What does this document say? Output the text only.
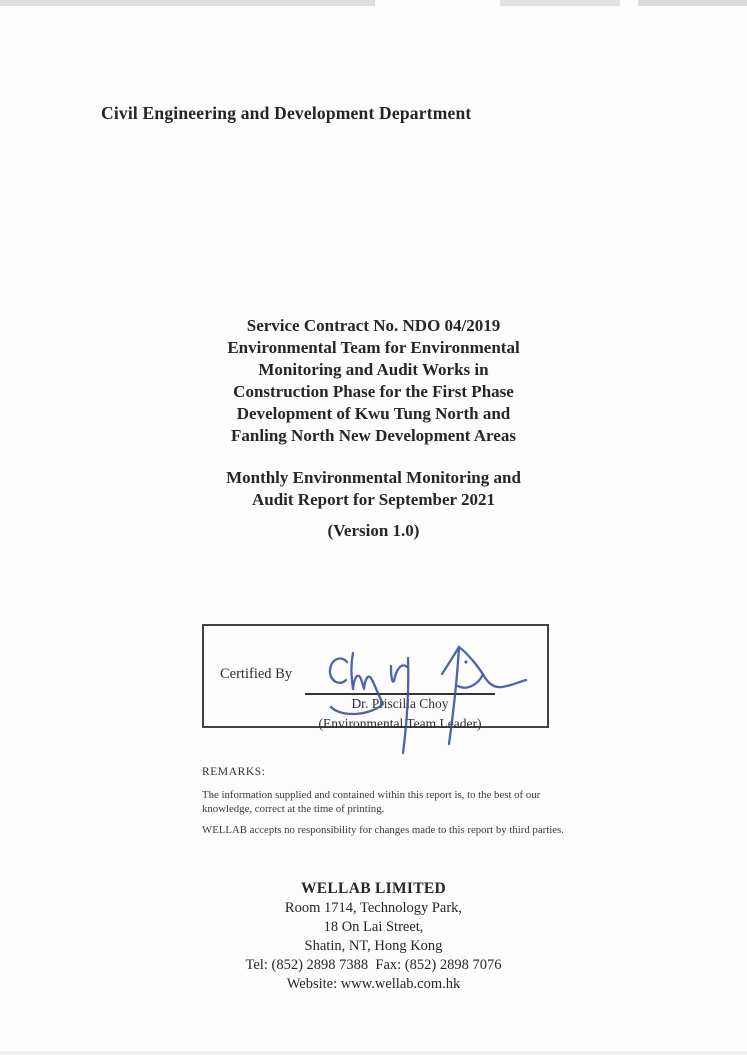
Civil Engineering and Development Department
Service Contract No. NDO 04/2019
Environmental Team for Environmental
Monitoring and Audit Works in
Construction Phase for the First Phase
Development of Kwu Tung North and
Fanling North New Development Areas
Monthly Environmental Monitoring and
Audit Report for September 2021
(Version 1.0)
Certified By
Dr. Priscilla Choy
(Environmental Team Leader)
REMARKS:
The information supplied and contained within this report is, to the best of our
knowledge, correct at the time of printing.
WELLAB accepts no responsibility for changes made to this report by third parties.
WELLAB LIMITED
Room 1714, Technology Park,
18 On Lai Street,
Shatin, NT, Hong Kong
Tel: (852) 2898 7388  Fax: (852) 2898 7076
Website: www.wellab.com.hk
